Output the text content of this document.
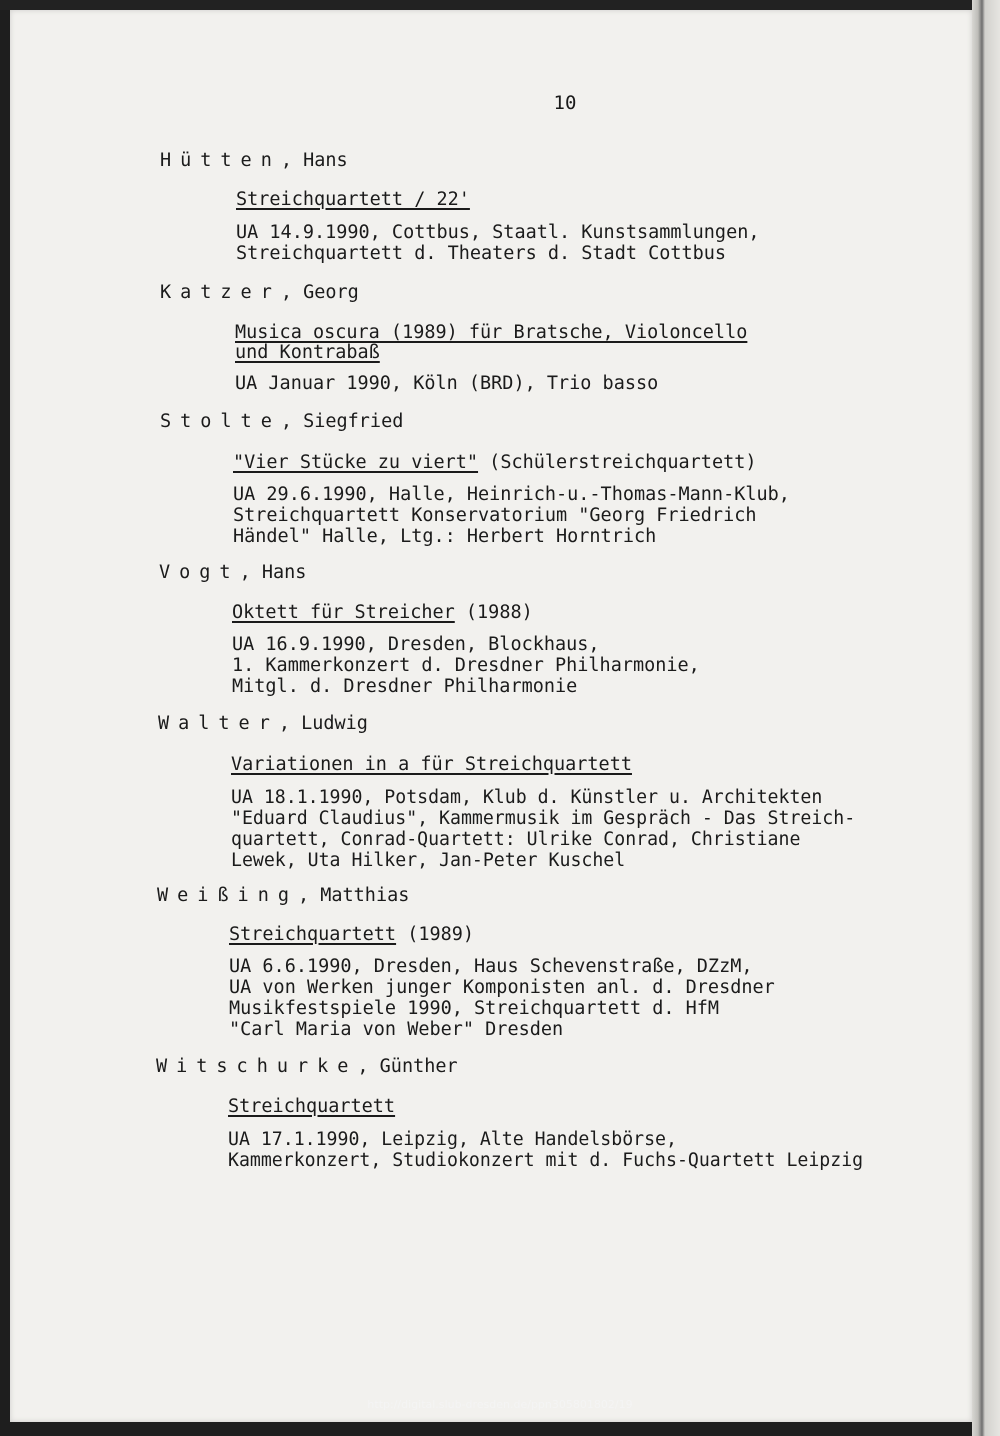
10

Hütten, Hans

Streichquartett / 22'

UA 14.9.1990, Cottbus, Staatl. Kunstsammlungen,
Streichquartett d. Theaters d. Stadt Cottbus

Katzer, Georg

Musica oscura (1989) für Bratsche, Violoncello
und Kontrabaß

UA Januar 1990, Köln (BRD), Trio basso

Stolte, Siegfried

"Vier Stücke zu viert" (Schülerstreichquartett)

UA 29.6.1990, Halle, Heinrich-u.-Thomas-Mann-Klub,
Streichquartett Konservatorium "Georg Friedrich
Händel" Halle, Ltg.: Herbert Horntrich

Vogt, Hans

Oktett für Streicher (1988)

UA 16.9.1990, Dresden, Blockhaus,
1. Kammerkonzert d. Dresdner Philharmonie,
Mitgl. d. Dresdner Philharmonie

Walter, Ludwig

Variationen in a für Streichquartett

UA 18.1.1990, Potsdam, Klub d. Künstler u. Architekten
"Eduard Claudius", Kammermusik im Gespräch - Das Streich-
quartett, Conrad-Quartett: Ulrike Conrad, Christiane
Lewek, Uta Hilker, Jan-Peter Kuschel

Weißing, Matthias

Streichquartett (1989)

UA 6.6.1990, Dresden, Haus Schevenstraße, DZzM,
UA von Werken junger Komponisten anl. d. Dresdner
Musikfestspiele 1990, Streichquartett d. HfM
"Carl Maria von Weber" Dresden

Witschurke, Günther

Streichquartett

UA 17.1.1990, Leipzig, Alte Handelsbörse,
Kammerkonzert, Studiokonzert mit d. Fuchs-Quartett Leipzig

http://digital.slub-dresden.de/ppn305801802/19
